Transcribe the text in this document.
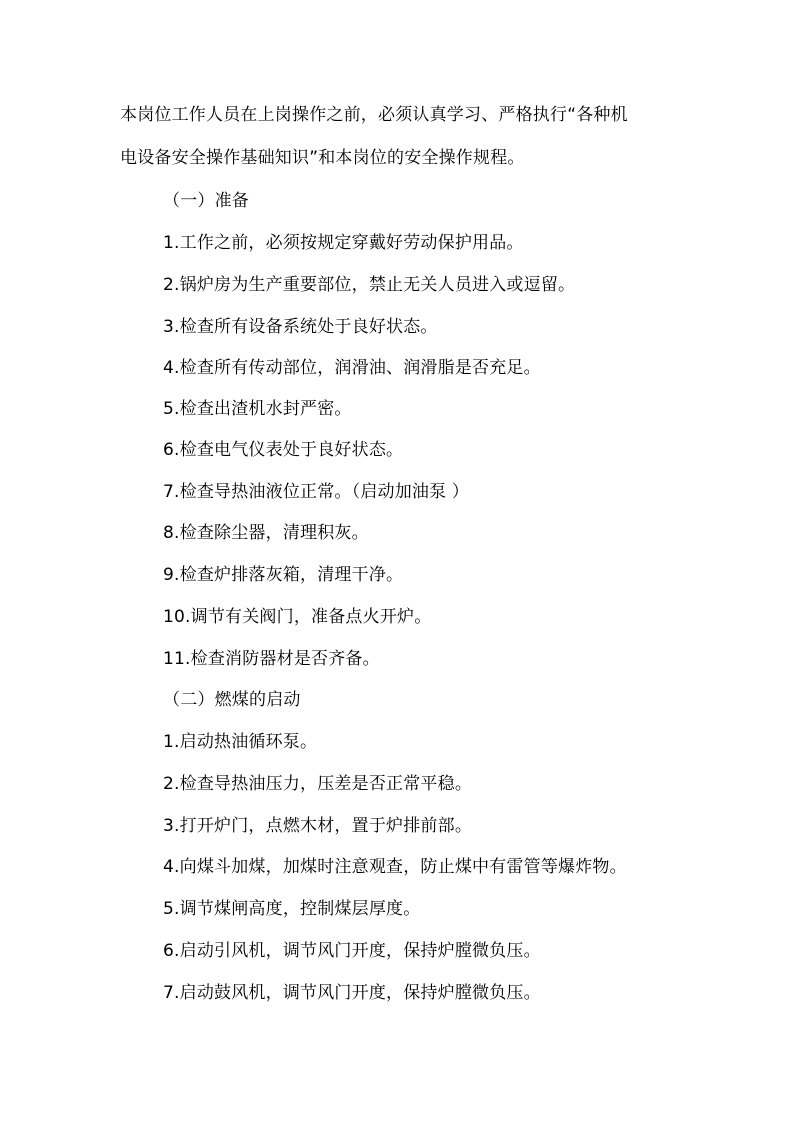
本岗位工作人员在上岗操作之前，必须认真学习、严格执行“各种机
电设备安全操作基础知识”和本岗位的安全操作规程。
（一）准备
1.工作之前，必须按规定穿戴好劳动保护用品。
2.锅炉房为生产重要部位，禁止无关人员进入或逗留。
3.检查所有设备系统处于良好状态。
4.检查所有传动部位，润滑油、润滑脂是否充足。
5.检查出渣机水封严密。
6.检查电气仪表处于良好状态。
7.检查导热油液位正常。（启动加油泵 ）
8.检查除尘器，清理积灰。
9.检查炉排落灰箱，清理干净。
10.调节有关阀门，准备点火开炉。
11.检查消防器材是否齐备。
（二）燃煤的启动
1.启动热油循环泵。
2.检查导热油压力，压差是否正常平稳。
3.打开炉门，点燃木材，置于炉排前部。
4.向煤斗加煤，加煤时注意观查，防止煤中有雷管等爆炸物。
5.调节煤闸高度，控制煤层厚度。
6.启动引风机，调节风门开度，保持炉膛微负压。
7.启动鼓风机，调节风门开度，保持炉膛微负压。
